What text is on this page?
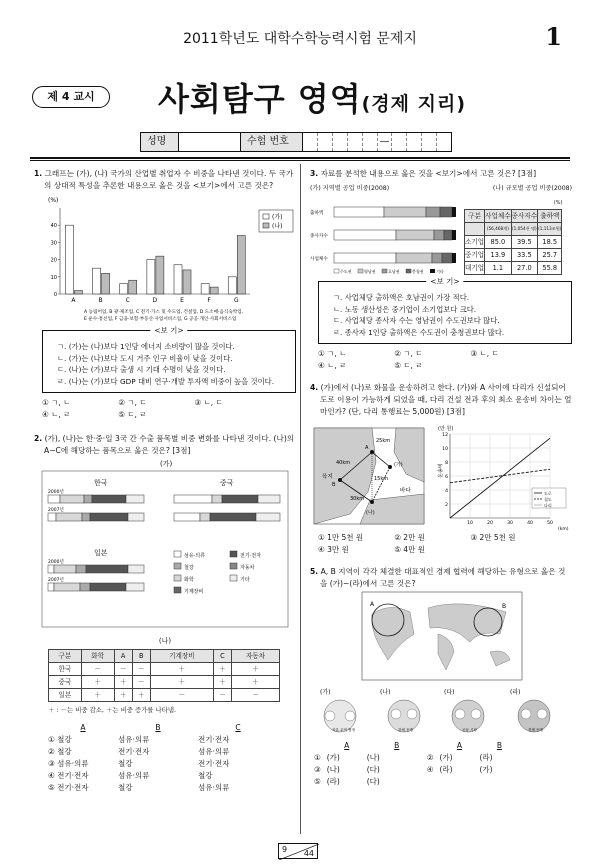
2011학년도 대학수학능력시험 문제지	1
제 4 교시	사회탐구 영역(경제 지리)
성명	수험 번호	—
1. 그래프는 (가), (나) 국가의 산업별 취업자 수 비중을 나타낸 것이다. 두 국가의 상대적 특성을 추론한 내용으로 옳은 것을 <보기>에서 고른 것은?
(%)
40
30
20
10
0
A	B	C	D	E	F	G
(가)
(나)
A 농림어업, B 광·제조업, C 전기·가스 및 수도업, 건설업, D 도소매·음식숙박업,
E 운수·통신업, F 금융·보험·부동산·사업서비스업, G 공공·개인·사회서비스업
<보 기>
ㄱ. (가)는 (나)보다 1인당 에너지 소비량이 많을 것이다.
ㄴ. (가)는 (나)보다 도시 거주 인구 비율이 낮을 것이다.
ㄷ. (나)는 (가)보다 출생 시 기대 수명이 낮을 것이다.
ㄹ. (나)는 (가)보다 GDP 대비 연구·개발 투자액 비중이 높을 것이다.
① ㄱ, ㄴ	② ㄱ, ㄷ	③ ㄴ, ㄷ
④ ㄴ, ㄹ	⑤ ㄷ, ㄹ
2. (가), (나)는 한·중·일 3국 간 수출 품목별 비중 변화를 나타낸 것이다. (나)의 A~C에 해당하는 품목으로 옳은 것은? [3점]
(가)
한국
2000년
2007년
중국
일본
2000년
2007년
섬유·의류	전기·전자
철강	자동차
화학	기타
기계장비
(나)
구분	화학	A	B	기계장비	C	자동차
한국	－	－	－	＋	＋	＋
중국	＋	＋	－	＋	＋	＋
일본	＋	＋	＋	－	－	－
＋ : －는 비중 감소, ＋는 비중 증가를 나타냄.
A	B	C
① 철강	섬유·의류	전기·전자
② 철강	전기·전자	섬유·의류
③ 섬유·의류	철강	전기·전자
④ 전기·전자	섬유·의류	철강
⑤ 전기·전자	철강	섬유·의류
3. 자료를 분석한 내용으로 옳은 것을 <보기>에서 고른 것은? [3점]
(가) 지역별 공업 비중(2008)	(나) 규모별 공업 비중(2008)
출하액
종사자수
사업체수
수도권	영남권	호남권	충청권	기타
(%)
구분	사업체수	종사자수	출하액
	(56,468개)	(1,054천 명)	(1,113조원)
소기업	85.0	39.5	18.5
중기업	13.9	33.5	25.7
대기업	1.1	27.0	55.8
<보 기>
ㄱ. 사업체당 출하액은 호남권이 가장 적다.
ㄴ. 노동 생산성은 중기업이 소기업보다 크다.
ㄷ. 사업체당 종사자 수는 영남권이 수도권보다 많다.
ㄹ. 종사자 1인당 출하액은 수도권이 충청권보다 많다.
① ㄱ, ㄴ	② ㄱ, ㄷ	③ ㄴ, ㄷ
④ ㄴ, ㄹ	⑤ ㄷ, ㄹ
4. (가)에서 (나)로 화물을 운송하려고 한다. (가)와 A 사이에 다리가 신설되어 도로 이용이 가능하게 되었을 때, 다리 건설 전과 후의 최소 운송비 차이는 얼마인가? (단, 다리 통행료는 5,000원) [3점]
25km
40km
15km
30km
육지
바다
(가)
(나)
A
B
(만 원)
운송비
10	20	30	40	50
12
10
8
6
4
2
(km)
도로
철도
다리
① 1만 5천 원	② 2만 원	③ 2만 5천 원
④ 3만 원	⑤ 4만 원
5. A, B 지역이 각각 체결한 대표적인 경제 협력에 해당하는 유형으로 옳은 것을 (가)~(라)에서 고른 것은?
A	B

(가)	(나)	(다)	(라)
자유 무역 협정	관세 동맹	공동 시장	경제 동맹
	A	B		A	B
①	(가)	(나)	②	(가)	(라)
③	(나)	(다)	④	(라)	(가)
⑤	(라)	(다)			
9 44
